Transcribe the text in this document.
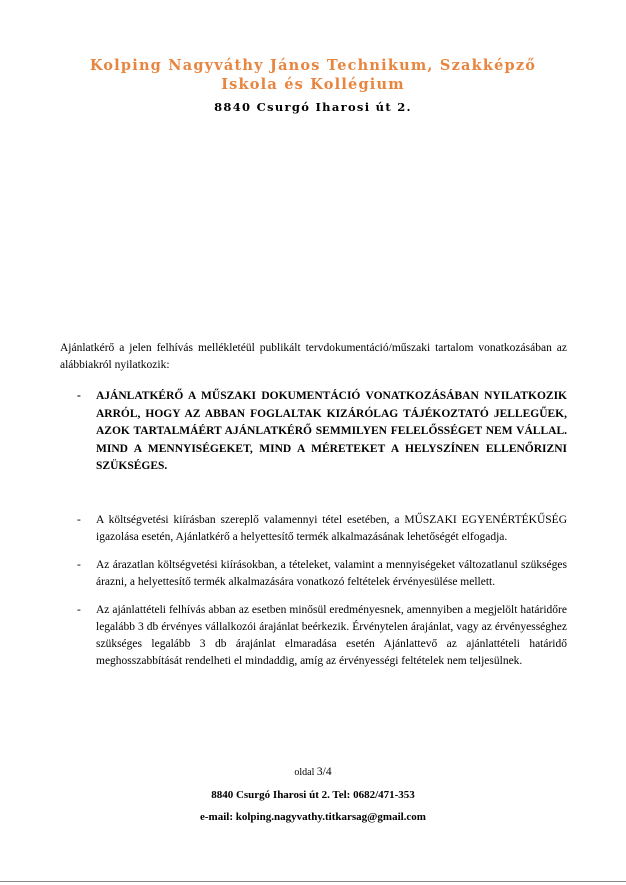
Kolping Nagyváthy János Technikum, Szakképző Iskola és Kollégium
8840 Csurgó Iharosi út 2.

Ajánlatkérő a jelen felhívás mellékletéül publikált tervdokumentáció/műszaki tartalom vonatkozásában az alábbiakról nyilatkozik:

- AJÁNLATKÉRŐ A MŰSZAKI DOKUMENTÁCIÓ VONATKOZÁSÁBAN NYILATKOZIK ARRÓL, HOGY AZ ABBAN FOGLALTAK KIZÁRÓLAG TÁJÉKOZTATÓ JELLEGŰEK, AZOK TARTALMÁÉRT AJÁNLATKÉRŐ SEMMILYEN FELELŐSSÉGET NEM VÁLLAL. MIND A MENNYISÉGEKET, MIND A MÉRETEKET A HELYSZÍNEN ELLENŐRIZNI SZÜKSÉGES.
- A költségvetési kiírásban szereplő valamennyi tétel esetében, a MŰSZAKI EGYENÉRTÉKŰSÉG igazolása esetén, Ajánlatkérő a helyettesítő termék alkalmazásának lehetőségét elfogadja.
- Az árazatlan költségvetési kiírásokban, a tételeket, valamint a mennyiségeket változatlanul szükséges árazni, a helyettesítő termék alkalmazására vonatkozó feltételek érvényesülése mellett.
- Az ajánlattételi felhívás abban az esetben minősül eredményesnek, amennyiben a megjelölt határidőre legalább 3 db érvényes vállalkozói árajánlat beérkezik. Érvénytelen árajánlat, vagy az érvényességhez szükséges legalább 3 db árajánlat elmaradása esetén Ajánlattevő az ajánlattételi határidő meghosszabbítását rendelheti el mindaddig, amíg az érvényességi feltételek nem teljesülnek.
oldal 3/4
8840 Csurgó Iharosi út 2. Tel: 0682/471-353
e-mail: kolping.nagyvathy.titkarsag@gmail.com
